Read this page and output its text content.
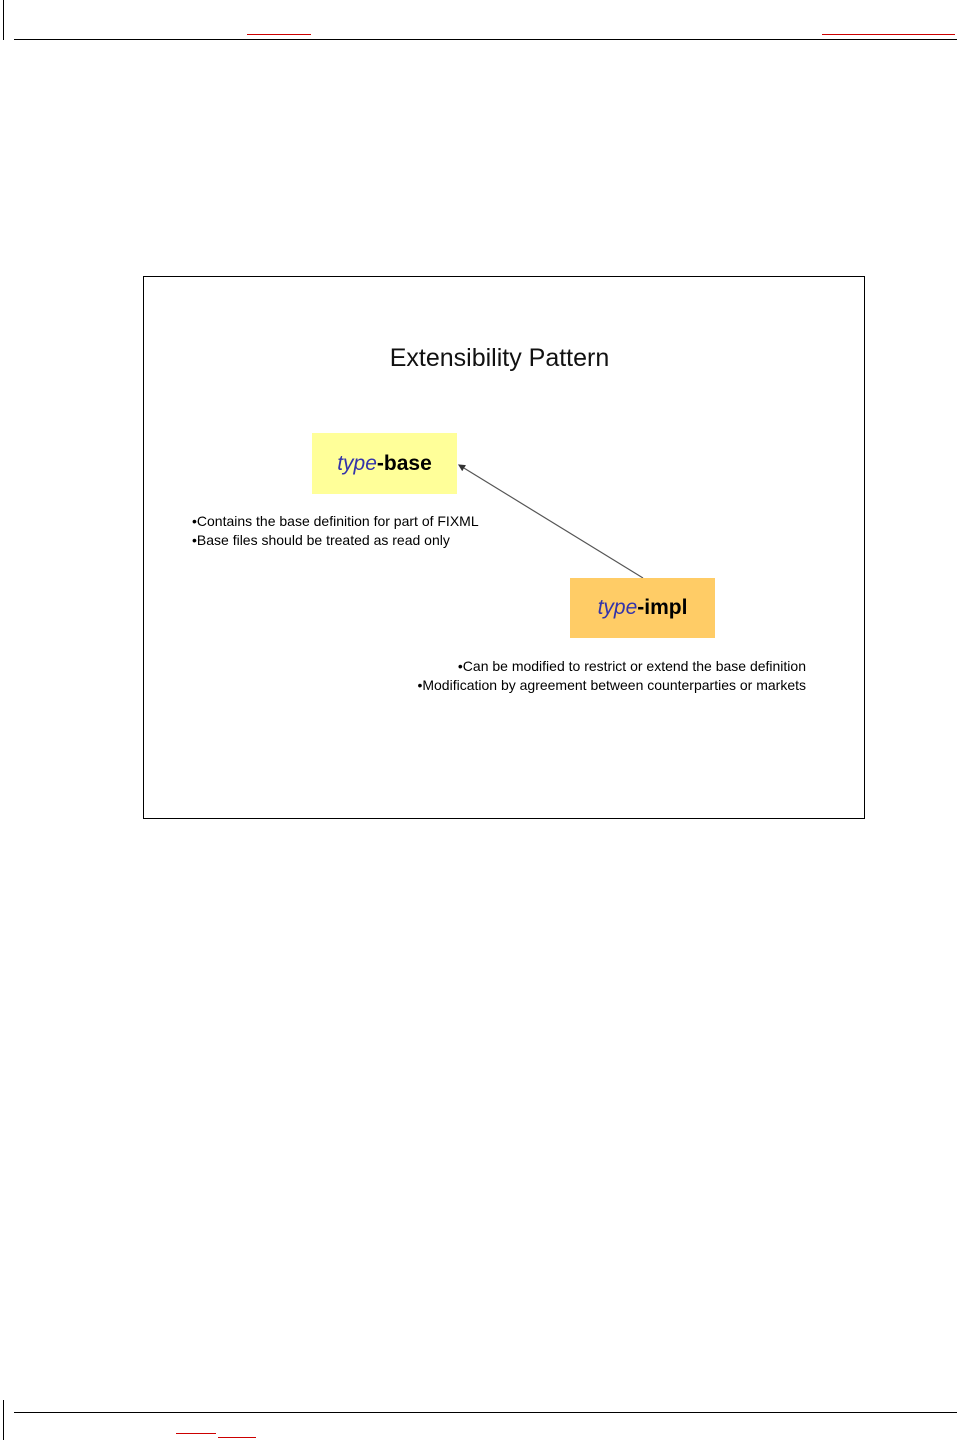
Extensibility Pattern
type -base
•Contains the base definition for part of FIXML
•Base files should be treated as read only
type -impl
•Can be modified to restrict or extend the base definition
•Modification by agreement between counterparties or markets
